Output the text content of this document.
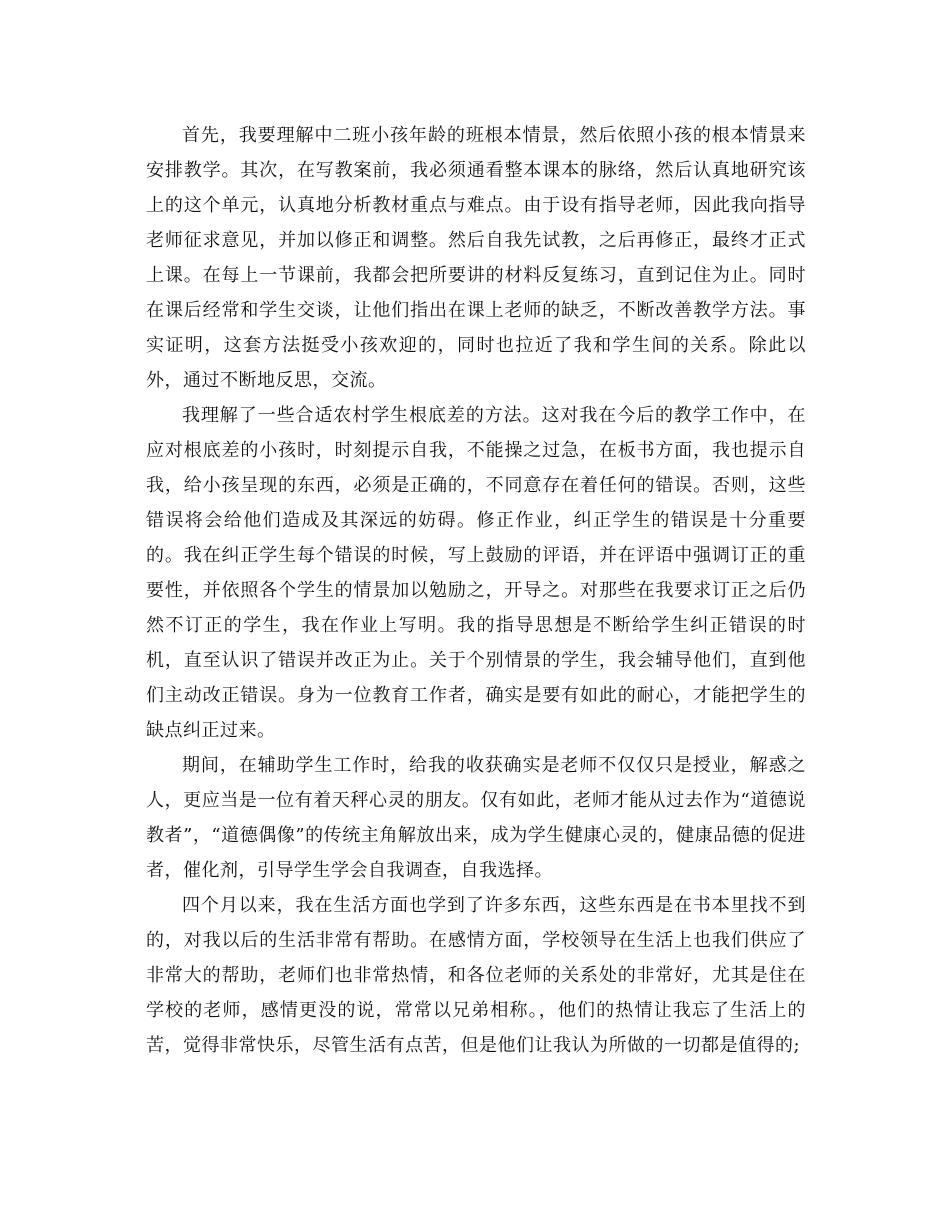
首先，我要理解中二班小孩年龄的班根本情景，然后依照小孩的根本情景来安排教学。其次，在写教案前，我必须通看整本课本的脉络，然后认真地研究该上的这个单元，认真地分析教材重点与难点。由于设有指导老师，因此我向指导老师征求意见，并加以修正和调整。然后自我先试教，之后再修正，最终才正式上课。在每上一节课前，我都会把所要讲的材料反复练习，直到记住为止。同时在课后经常和学生交谈，让他们指出在课上老师的缺乏，不断改善教学方法。事实证明，这套方法挺受小孩欢迎的，同时也拉近了我和学生间的关系。除此以外，通过不断地反思，交流。

我理解了一些合适农村学生根底差的方法。这对我在今后的教学工作中，在应对根底差的小孩时，时刻提示自我，不能操之过急，在板书方面，我也提示自我，给小孩呈现的东西，必须是正确的，不同意存在着任何的错误。否则，这些错误将会给他们造成及其深远的妨碍。修正作业，纠正学生的错误是十分重要的。我在纠正学生每个错误的时候，写上鼓励的评语，并在评语中强调订正的重要性，并依照各个学生的情景加以勉励之，开导之。对那些在我要求订正之后仍然不订正的学生，我在作业上写明。我的指导思想是不断给学生纠正错误的时机，直至认识了错误并改正为止。关于个别情景的学生，我会辅导他们，直到他们主动改正错误。身为一位教育工作者，确实是要有如此的耐心，才能把学生的缺点纠正过来。

期间，在辅助学生工作时，给我的收获确实是老师不仅仅只是授业，解惑之人，更应当是一位有着天秤心灵的朋友。仅有如此，老师才能从过去作为“道德说教者”，“道德偶像”的传统主角解放出来，成为学生健康心灵的，健康品德的促进者，催化剂，引导学生学会自我调查，自我选择。

四个月以来，我在生活方面也学到了许多东西，这些东西是在书本里找不到的，对我以后的生活非常有帮助。在感情方面，学校领导在生活上也我们供应了非常大的帮助，老师们也非常热情，和各位老师的关系处的非常好，尤其是住在学校的老师，感情更没的说，常常以兄弟相称。，他们的热情让我忘了生活上的苦，觉得非常快乐，尽管生活有点苦，但是他们让我认为所做的一切都是值得的;
